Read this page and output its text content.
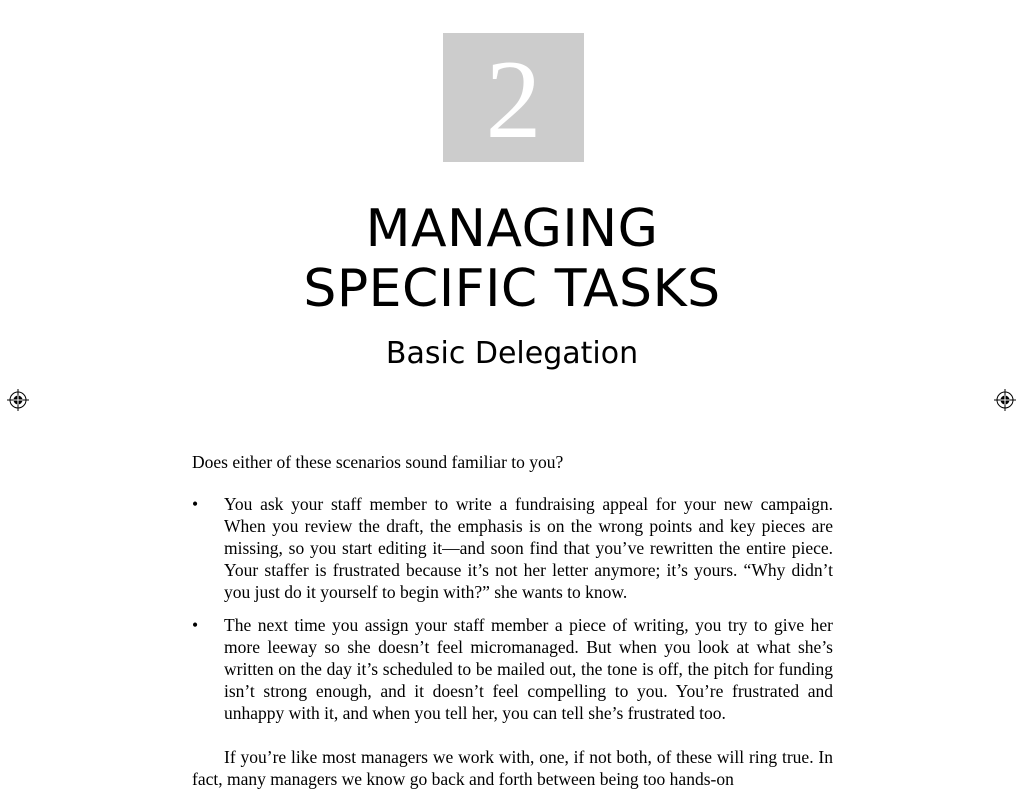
2
MANAGING
SPECIFIC TASKS
Basic Delegation

Does either of these scenarios sound familiar to you?

• You ask your staff member to write a fundraising appeal for your new campaign. When you review the draft, the emphasis is on the wrong points and key pieces are missing, so you start editing it—and soon find that you’ve rewritten the entire piece. Your staffer is frustrated because it’s not her letter anymore; it’s yours. “Why didn’t you just do it yourself to begin with?” she wants to know.
• The next time you assign your staff member a piece of writing, you try to give her more leeway so she doesn’t feel micromanaged. But when you look at what she’s written on the day it’s scheduled to be mailed out, the tone is off, the pitch for funding isn’t strong enough, and it doesn’t feel compelling to you. You’re frustrated and unhappy with it, and when you tell her, you can tell she’s frustrated too.

If you’re like most managers we work with, one, if not both, of these will ring true. In fact, many managers we know go back and forth between being too hands-on
